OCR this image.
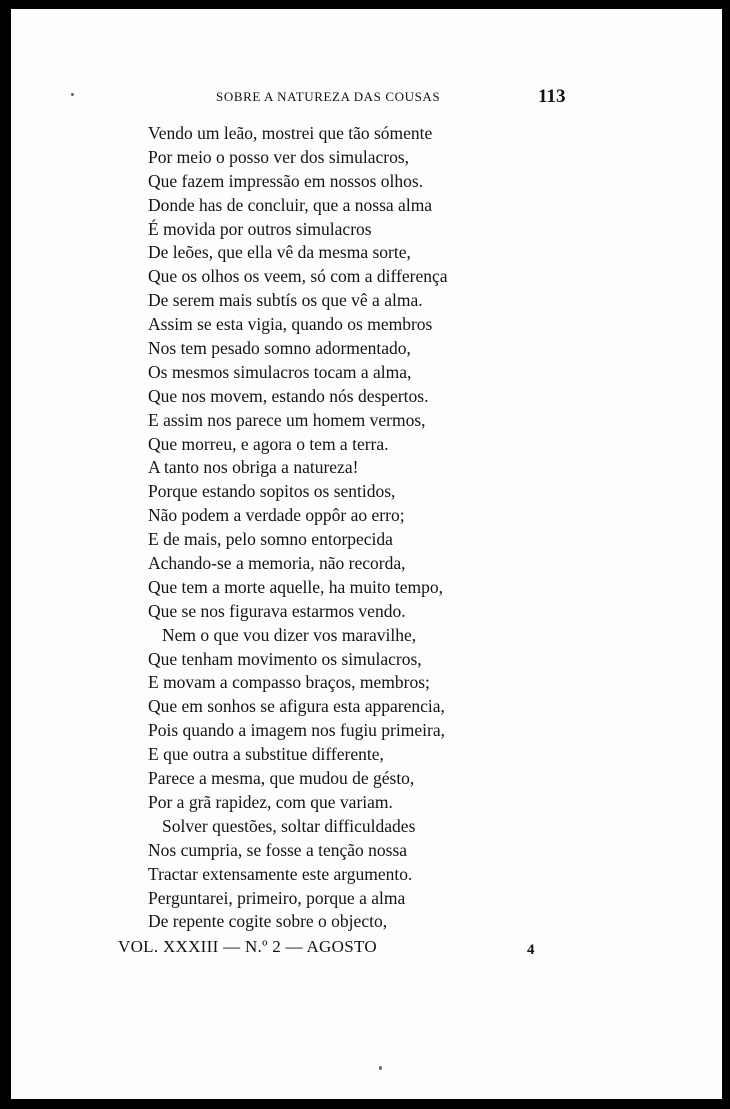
SOBRE A NATUREZA DAS COUSAS	113
Vendo um leão, mostrei que tão sómente
Por meio o posso ver dos simulacros,
Que fazem impressão em nossos olhos.
Donde has de concluir, que a nossa alma
É movida por outros simulacros
De leões, que ella vê da mesma sorte,
Que os olhos os veem, só com a differença
De serem mais subtís os que vê a alma.
Assim se esta vigia, quando os membros
Nos tem pesado somno adormentado,
Os mesmos simulacros tocam a alma,
Que nos movem, estando nós despertos.
E assim nos parece um homem vermos,
Que morreu, e agora o tem a terra.
A tanto nos obriga a natureza!
Porque estando sopitos os sentidos,
Não podem a verdade oppôr ao erro;
E de mais, pelo somno entorpecida
Achando-se a memoria, não recorda,
Que tem a morte aquelle, ha muito tempo,
Que se nos figurava estarmos vendo.
Nem o que vou dizer vos maravilhe,
Que tenham movimento os simulacros,
E movam a compasso braços, membros;
Que em sonhos se afigura esta apparencia,
Pois quando a imagem nos fugiu primeira,
E que outra a substitue differente,
Parece a mesma, que mudou de gésto,
Por a grã rapidez, com que variam.
Solver questões, soltar difficuldades
Nos cumpria, se fosse a tenção nossa
Tractar extensamente este argumento.
Perguntarei, primeiro, porque a alma
De repente cogite sobre o objecto,
VOL. XXXIII — N.º 2 — AGOSTO	4
